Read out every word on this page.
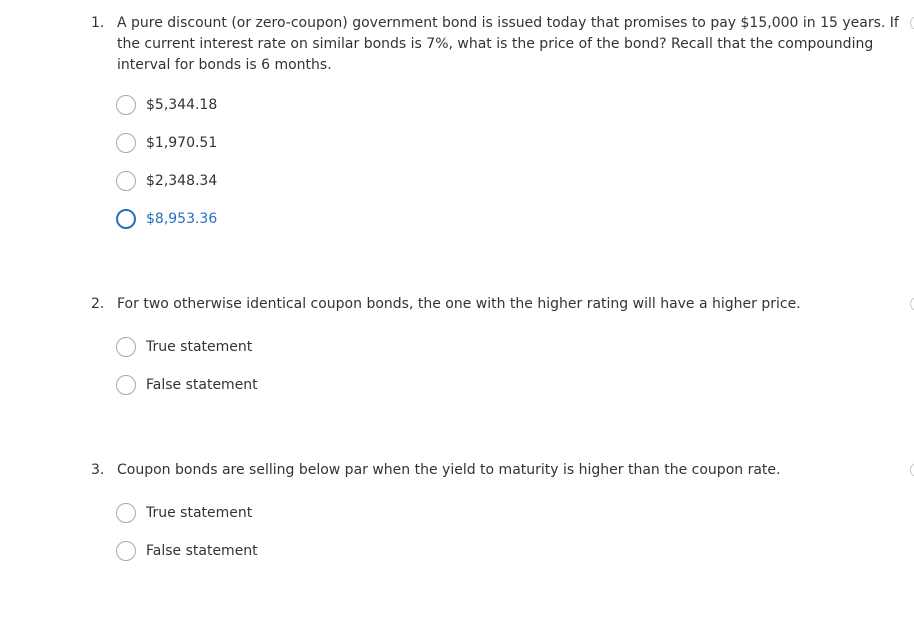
1. A pure discount (or zero-coupon) government bond is issued today that promises to pay $15,000 in 15 years. If the current interest rate on similar bonds is 7%, what is the price of the bond? Recall that the compounding interval for bonds is 6 months.
$5,344.18
$1,970.51
$2,348.34
$8,953.36
2. For two otherwise identical coupon bonds, the one with the higher rating will have a higher price.
True statement
False statement
3. Coupon bonds are selling below par when the yield to maturity is higher than the coupon rate.
True statement
False statement
